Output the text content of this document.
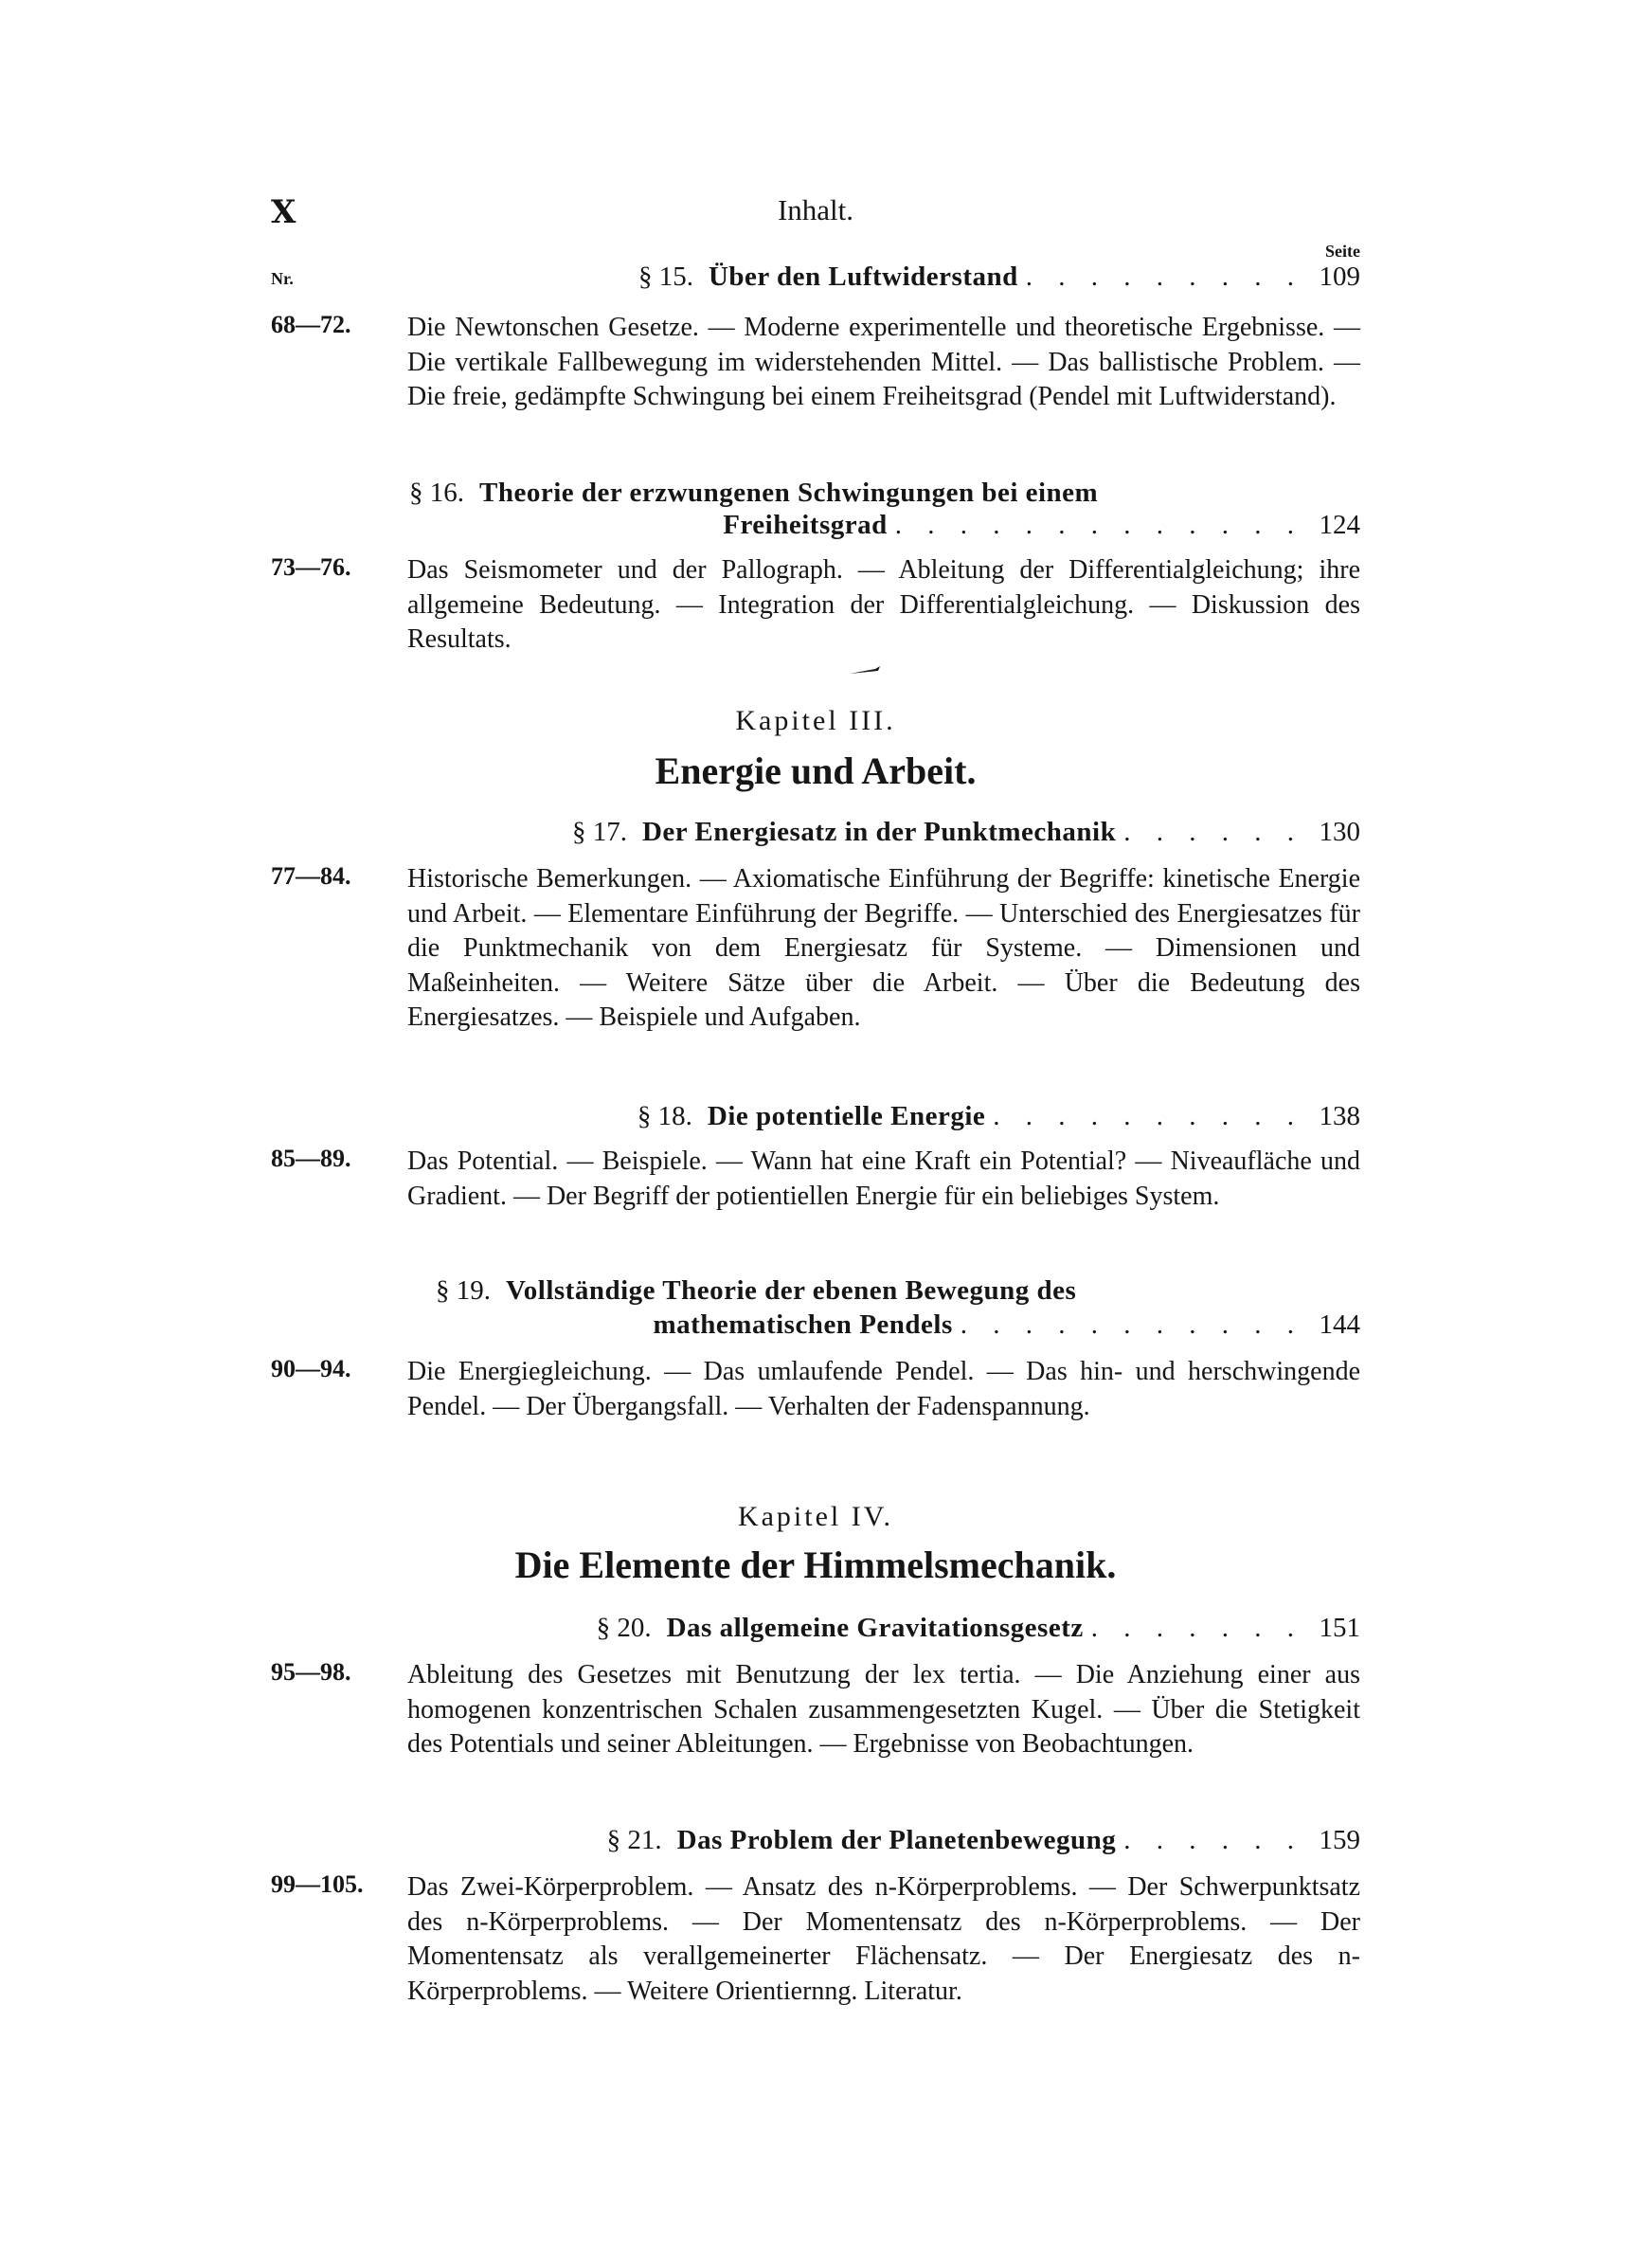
X	Inhalt.
Seite
Nr.	§ 15. Über den Luftwiderstand . . . . . . . . . 109
68—72. Die Newtonschen Gesetze. — Moderne experimentelle und theoretische Ergebnisse. — Die vertikale Fallbewegung im widerstehenden Mittel. — Das ballistische Problem. — Die freie, gedämpfte Schwingung bei einem Freiheitsgrad (Pendel mit Luftwiderstand).
§ 16. Theorie der erzwungenen Schwingungen bei einem
Freiheitsgrad . . . . . . . . . . . . . 124
73—76. Das Seismometer und der Pallograph. — Ableitung der Differentialgleichung; ihre allgemeine Bedeutung. — Integration der Differentialgleichung. — Diskussion des Resultats.
Kapitel III.
Energie und Arbeit.
§ 17. Der Energiesatz in der Punktmechanik . . . . . . 130
77—84. Historische Bemerkungen. — Axiomatische Einführung der Begriffe: kinetische Energie und Arbeit. — Elementare Einführung der Begriffe. — Unterschied des Energiesatzes für die Punktmechanik von dem Energiesatz für Systeme. — Dimensionen und Maßeinheiten. — Weitere Sätze über die Arbeit. — Über die Bedeutung des Energiesatzes. — Beispiele und Aufgaben.
§ 18. Die potentielle Energie . . . . . . . . . . 138
85—89. Das Potential. — Beispiele. — Wann hat eine Kraft ein Potential? — Niveaufläche und Gradient. — Der Begriff der potientiellen Energie für ein beliebiges System.
§ 19. Vollständige Theorie der ebenen Bewegung des
mathematischen Pendels . . . . . . . . . . . 144
90—94. Die Energiegleichung. — Das umlaufende Pendel. — Das hin- und herschwingende Pendel. — Der Übergangsfall. — Verhalten der Fadenspannung.
Kapitel IV.
Die Elemente der Himmelsmechanik.
§ 20. Das allgemeine Gravitationsgesetz . . . . . . . 151
95—98. Ableitung des Gesetzes mit Benutzung der lex tertia. — Die Anziehung einer aus homogenen konzentrischen Schalen zusammengesetzten Kugel. — Über die Stetigkeit des Potentials und seiner Ableitungen. — Ergebnisse von Beobachtungen.
§ 21. Das Problem der Planetenbewegung . . . . . . 159
99—105. Das Zwei-Körperproblem. — Ansatz des n-Körperproblems. — Der Schwerpunktsatz des n-Körperproblems. — Der Momentensatz des n-Körperproblems. — Der Momentensatz als verallgemeinerter Flächensatz. — Der Energiesatz des n-Körperproblems. — Weitere Orientiernng. Literatur.
